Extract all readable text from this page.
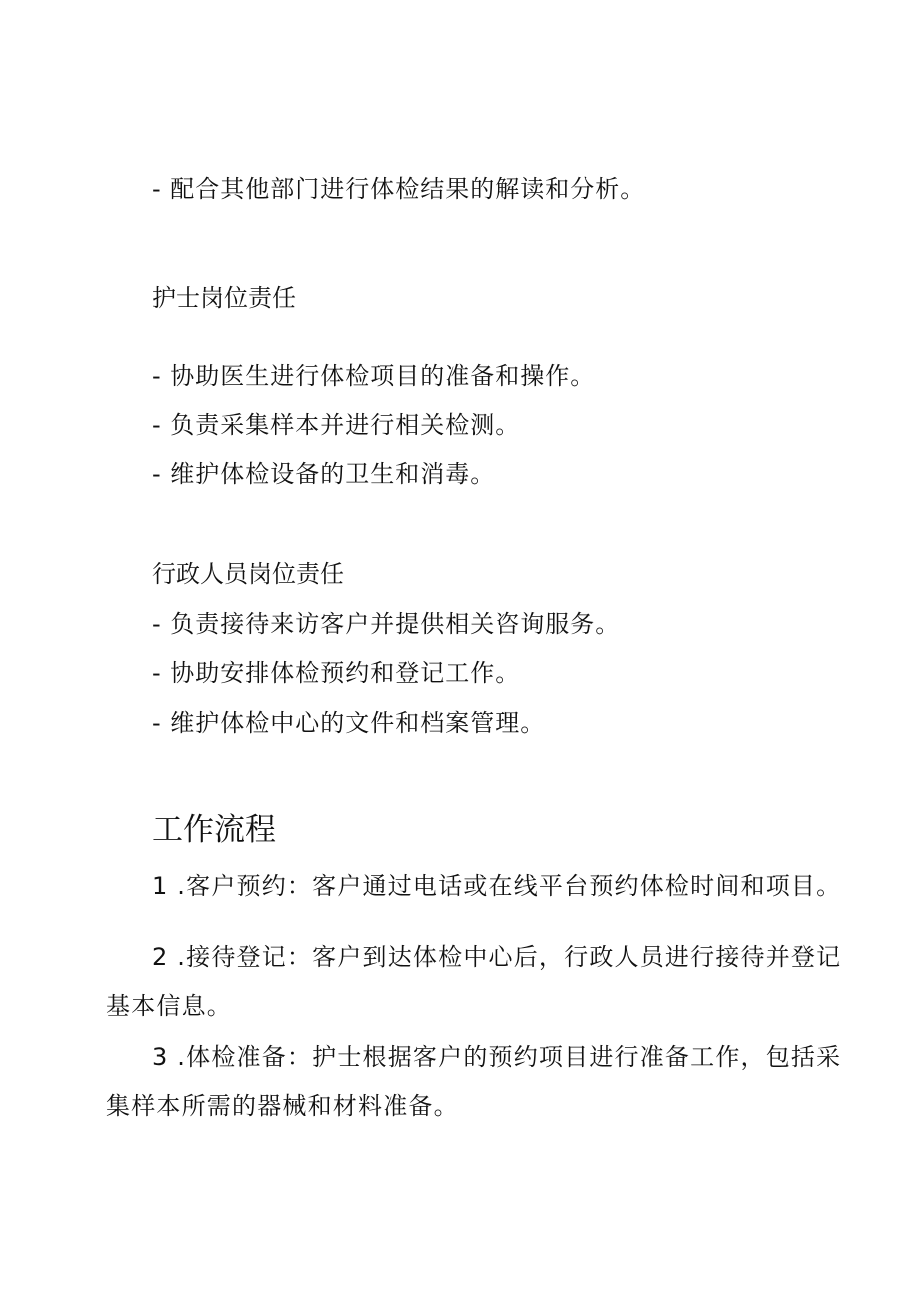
- 配合其他部门进行体检结果的解读和分析。
护士岗位责任
- 协助医生进行体检项目的准备和操作。
- 负责采集样本并进行相关检测。
- 维护体检设备的卫生和消毒。
行政人员岗位责任
- 负责接待来访客户并提供相关咨询服务。
- 协助安排体检预约和登记工作。
- 维护体检中心的文件和档案管理。
工作流程
1 .客户预约：客户通过电话或在线平台预约体检时间和项目。
2 .接待登记：客户到达体检中心后，行政人员进行接待并登记
基本信息。
3 .体检准备：护士根据客户的预约项目进行准备工作，包括采
集样本所需的器械和材料准备。
